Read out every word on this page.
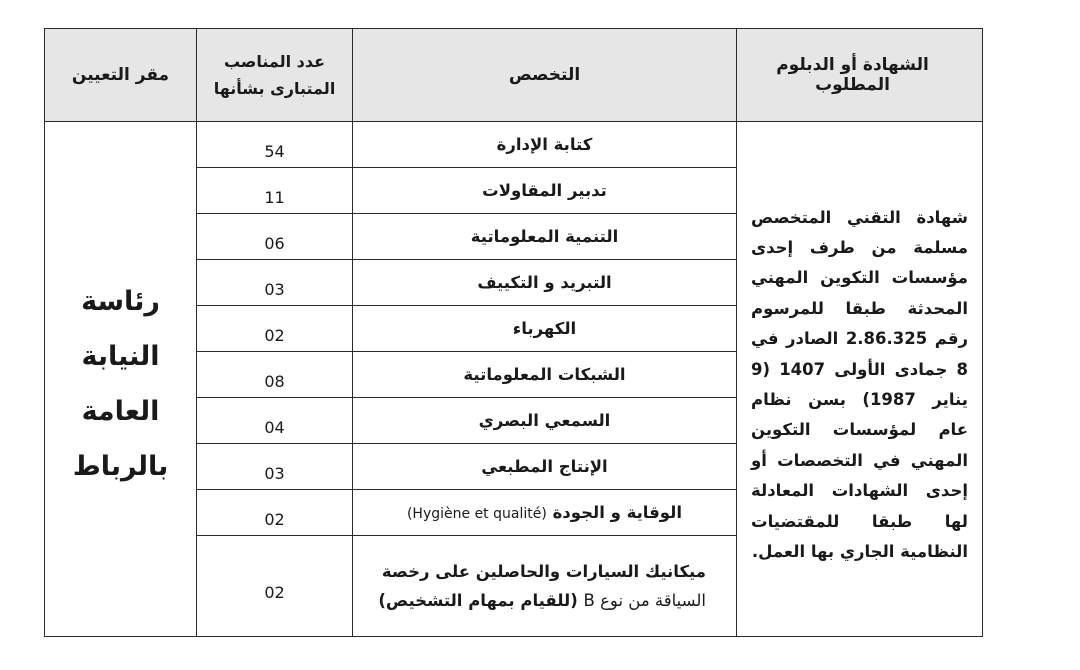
الشهادة أو الدبلوم المطلوب	التخصص	عدد المناصب المتبارى بشأنها	مقر التعيين
شهادة التقني المتخصص مسلمة من طرف إحدى مؤسسات التكوين المهني المحدثة طبقا للمرسوم رقم 2.86.325 الصادر في 8 جمادى الأولى 1407 (9 يناير 1987) بسن نظام عام لمؤسسات التكوين المهني في التخصصات أو إحدى الشهادات المعادلة لها طبقا للمقتضيات النظامية الجاري بها العمل.	كتابة الإدارة	54	رئاسة النيابة العامة بالرباط
	تدبير المقاولات	11	
	التنمية المعلوماتية	06	
	التبريد و التكييف	03	
	الكهرباء	02	
	الشبكات المعلوماتية	08	
	السمعي البصري	04	
	الإنتاج المطبعي	03	
	الوقاية و الجودة (Hygiène et qualité)	02	

	ميكانيك السيارات والحاصلين على رخصة
السياقة من نوع B (للقيام بمهام التشخيص)	02	
